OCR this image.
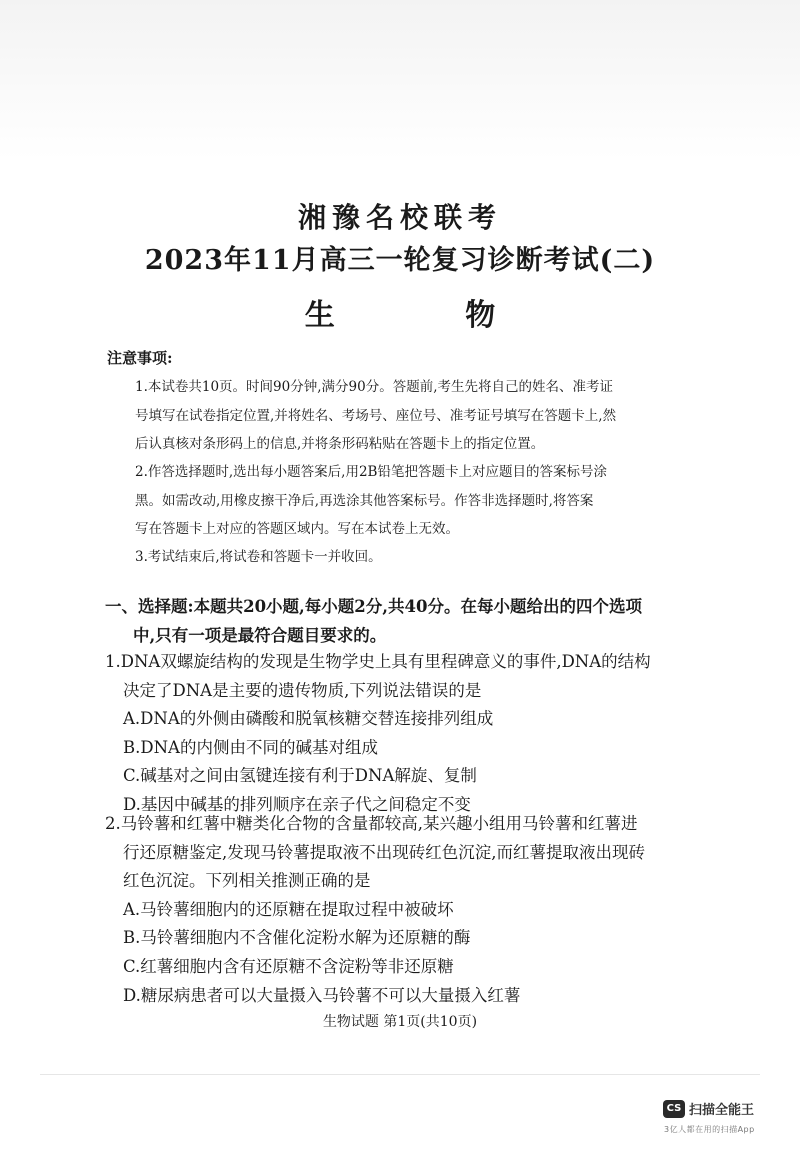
湘豫名校联考
2023年11月高三一轮复习诊断考试(二)
生 物
注意事项:
1.本试卷共10页。时间90分钟,满分90分。答题前,考生先将自己的姓名、准考证
号填写在试卷指定位置,并将姓名、考场号、座位号、准考证号填写在答题卡上,然
后认真核对条形码上的信息,并将条形码粘贴在答题卡上的指定位置。
2.作答选择题时,选出每小题答案后,用2B铅笔把答题卡上对应题目的答案标号涂
黑。如需改动,用橡皮擦干净后,再选涂其他答案标号。作答非选择题时,将答案
写在答题卡上对应的答题区域内。写在本试卷上无效。
3.考试结束后,将试卷和答题卡一并收回。
一、选择题:本题共20小题,每小题2分,共40分。在每小题给出的四个选项
中,只有一项是最符合题目要求的。
1.DNA双螺旋结构的发现是生物学史上具有里程碑意义的事件,DNA的结构
决定了DNA是主要的遗传物质,下列说法错误的是
A.DNA的外侧由磷酸和脱氧核糖交替连接排列组成
B.DNA的内侧由不同的碱基对组成
C.碱基对之间由氢键连接有利于DNA解旋、复制
D.基因中碱基的排列顺序在亲子代之间稳定不变
2.马铃薯和红薯中糖类化合物的含量都较高,某兴趣小组用马铃薯和红薯进
行还原糖鉴定,发现马铃薯提取液不出现砖红色沉淀,而红薯提取液出现砖
红色沉淀。下列相关推测正确的是
A.马铃薯细胞内的还原糖在提取过程中被破坏
B.马铃薯细胞内不含催化淀粉水解为还原糖的酶
C.红薯细胞内含有还原糖不含淀粉等非还原糖
D.糖尿病患者可以大量摄入马铃薯不可以大量摄入红薯
生物试题 第1页(共10页)
CS 扫描全能王
3亿人都在用的扫描App
